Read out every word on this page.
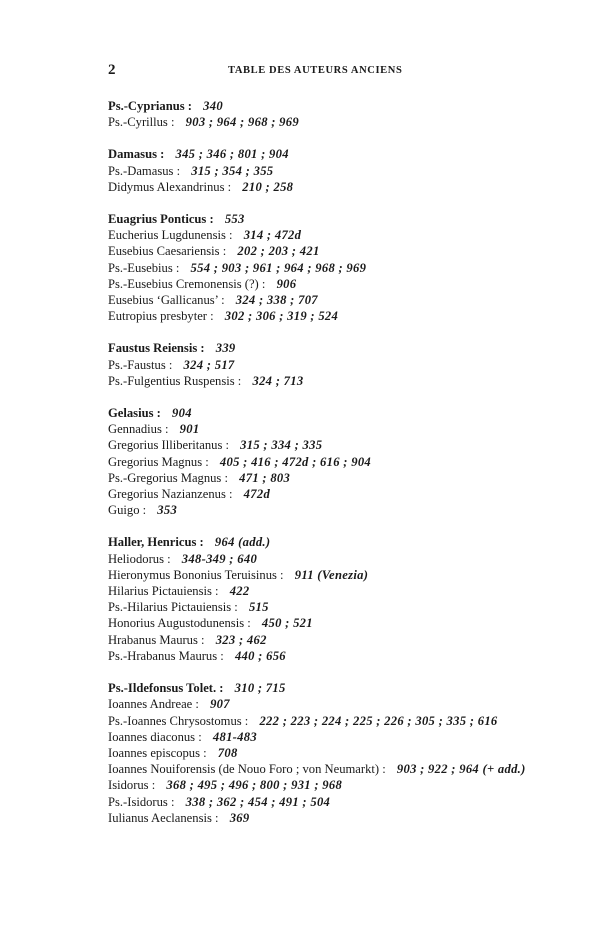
2	TABLE DES AUTEURS ANCIENS
Ps.-Cyprianus : 340
Ps.-Cyrillus : 903 ; 964 ; 968 ; 969
Damasus : 345 ; 346 ; 801 ; 904
Ps.-Damasus : 315 ; 354 ; 355
Didymus Alexandrinus : 210 ; 258
Euagrius Ponticus : 553
Eucherius Lugdunensis : 314 ; 472d
Eusebius Caesariensis : 202 ; 203 ; 421
Ps.-Eusebius : 554 ; 903 ; 961 ; 964 ; 968 ; 969
Ps.-Eusebius Cremonensis (?) : 906
Eusebius ‘Gallicanus’ : 324 ; 338 ; 707
Eutropius presbyter : 302 ; 306 ; 319 ; 524
Faustus Reiensis : 339
Ps.-Faustus : 324 ; 517
Ps.-Fulgentius Ruspensis : 324 ; 713
Gelasius : 904
Gennadius : 901
Gregorius Illiberitanus : 315 ; 334 ; 335
Gregorius Magnus : 405 ; 416 ; 472d ; 616 ; 904
Ps.-Gregorius Magnus : 471 ; 803
Gregorius Nazianzenus : 472d
Guigo : 353
Haller, Henricus : 964 (add.)
Heliodorus : 348-349 ; 640
Hieronymus Bononius Teruisinus : 911 (Venezia)
Hilarius Pictauiensis : 422
Ps.-Hilarius Pictauiensis : 515
Honorius Augustodunensis : 450 ; 521
Hrabanus Maurus : 323 ; 462
Ps.-Hrabanus Maurus : 440 ; 656
Ps.-Ildefonsus Tolet. : 310 ; 715
Ioannes Andreae : 907
Ps.-Ioannes Chrysostomus : 222 ; 223 ; 224 ; 225 ; 226 ; 305 ; 335 ; 616
Ioannes diaconus : 481-483
Ioannes episcopus : 708
Ioannes Nouiforensis (de Nouo Foro ; von Neumarkt) : 903 ; 922 ; 964 (+ add.)
Isidorus : 368 ; 495 ; 496 ; 800 ; 931 ; 968
Ps.-Isidorus : 338 ; 362 ; 454 ; 491 ; 504
Iulianus Aeclanensis : 369
